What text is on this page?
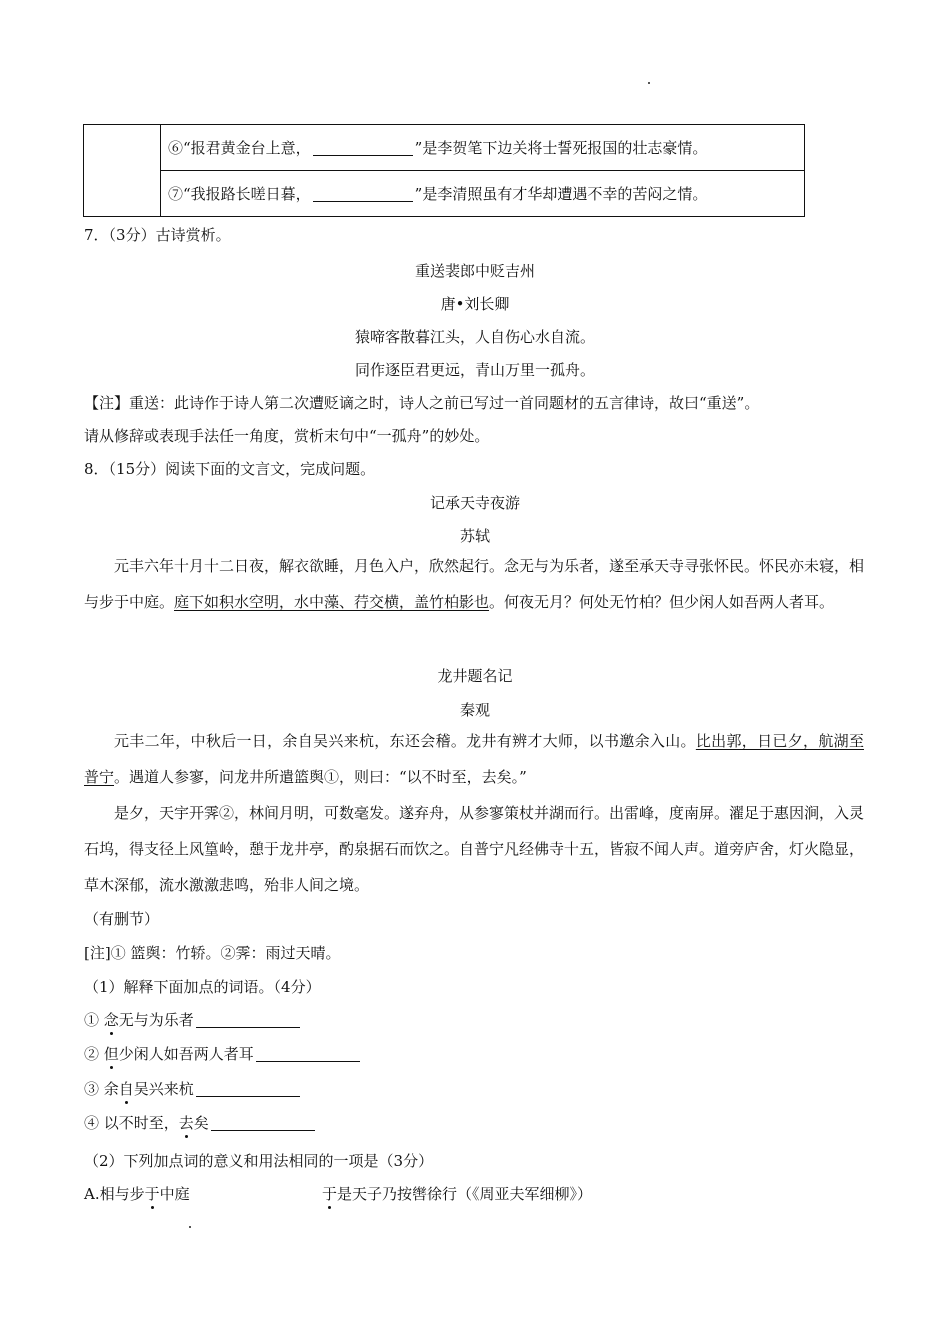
	⑥“报君黄金台上意，	”是李贺笔下边关将士誓死报国的壮志豪情。
⑦“我报路长嗟日暮，	”是李清照虽有才华却遭遇不幸的苦闷之情。
7．（3分）古诗赏析。
重送裴郎中贬吉州
唐•刘长卿
猿啼客散暮江头，人自伤心水自流。
同作逐臣君更远，青山万里一孤舟。
【注】重送：此诗作于诗人第二次遭贬谪之时，诗人之前已写过一首同题材的五言律诗，故曰“重送”。
请从修辞或表现手法任一角度，赏析末句中“一孤舟”的妙处。
8．（15分）阅读下面的文言文，完成问题。
记承天寺夜游
苏轼
元丰六年十月十二日夜，解衣欲睡，月色入户，欣然起行。念无与为乐者，遂至承天寺寻张怀民。怀民亦未寝，相与步于中庭。庭下如积水空明，水中藻、荇交横，盖竹柏影也。何夜无月？何处无竹柏？但少闲人如吾两人者耳。
龙井题名记
秦观
元丰二年，中秋后一日，余自吴兴来杭，东还会稽。龙井有辨才大师，以书邀余入山。比出郭，日已夕，航湖至普宁。遇道人参寥，问龙井所遣篮舆①，则曰：“以不时至，去矣。”
是夕，天宇开霁②，林间月明，可数毫发。遂弃舟，从参寥策杖并湖而行。出雷峰，度南屏。濯足于惠因涧，入灵石坞，得支径上风篁岭，憩于龙井亭，酌泉据石而饮之。自普宁凡经佛寺十五，皆寂不闻人声。道旁庐舍，灯火隐显，草木深郁，流水激激悲鸣，殆非人间之境。
（有删节）
[注]① 篮舆：竹轿。②霁：雨过天晴。
（1）解释下面加点的词语。（4分）
① 念无与为乐者
② 但少闲人如吾两人者耳
③ 余自吴兴来杭
④ 以不时至，去矣
（2）下列加点词的意义和用法相同的一项是（3分）
A.相与步于中庭	于是天子乃按辔徐行（《周亚夫军细柳》）
